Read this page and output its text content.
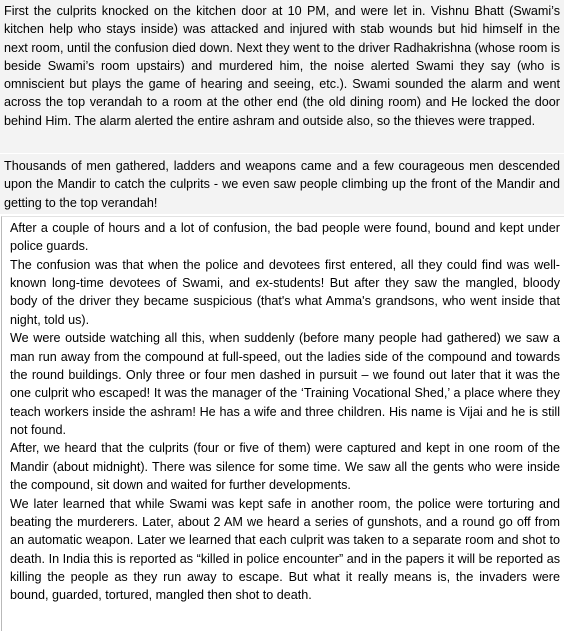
First the culprits knocked on the kitchen door at 10 PM, and were let in. Vishnu Bhatt (Swami’s kitchen help who stays inside) was attacked and injured with stab wounds but hid himself in the next room, until the confusion died down. Next they went to the driver Radhakrishna (whose room is beside Swami’s room upstairs) and murdered him, the noise alerted Swami they say (who is omniscient but plays the game of hearing and seeing, etc.). Swami sounded the alarm and went across the top verandah to a room at the other end (the old dining room) and He locked the door behind Him. The alarm alerted the entire ashram and outside also, so the thieves were trapped.

Thousands of men gathered, ladders and weapons came and a few courageous men descended upon the Mandir to catch the culprits - we even saw people climbing up the front of the Mandir and getting to the top verandah!

After a couple of hours and a lot of confusion, the bad people were found, bound and kept under police guards.

The confusion was that when the police and devotees first entered, all they could find was well-known long-time devotees of Swami, and ex-students! But after they saw the mangled, bloody body of the driver they became suspicious (that's what Amma's grandsons, who went inside that night, told us).

We were outside watching all this, when suddenly (before many people had gathered) we saw a man run away from the compound at full-speed, out the ladies side of the compound and towards the round buildings. Only three or four men dashed in pursuit – we found out later that it was the one culprit who escaped! It was the manager of the ‘Training Vocational Shed,’ a place where they teach workers inside the ashram! He has a wife and three children. His name is Vijai and he is still not found.

After, we heard that the culprits (four or five of them) were captured and kept in one room of the Mandir (about midnight). There was silence for some time. We saw all the gents who were inside the compound, sit down and waited for further developments.

We later learned that while Swami was kept safe in another room, the police were torturing and beating the murderers. Later, about 2 AM we heard a series of gunshots, and a round go off from an automatic weapon. Later we learned that each culprit was taken to a separate room and shot to death. In India this is reported as “killed in police encounter” and in the papers it will be reported as killing the people as they run away to escape. But what it really means is, the invaders were bound, guarded, tortured, mangled then shot to death.
